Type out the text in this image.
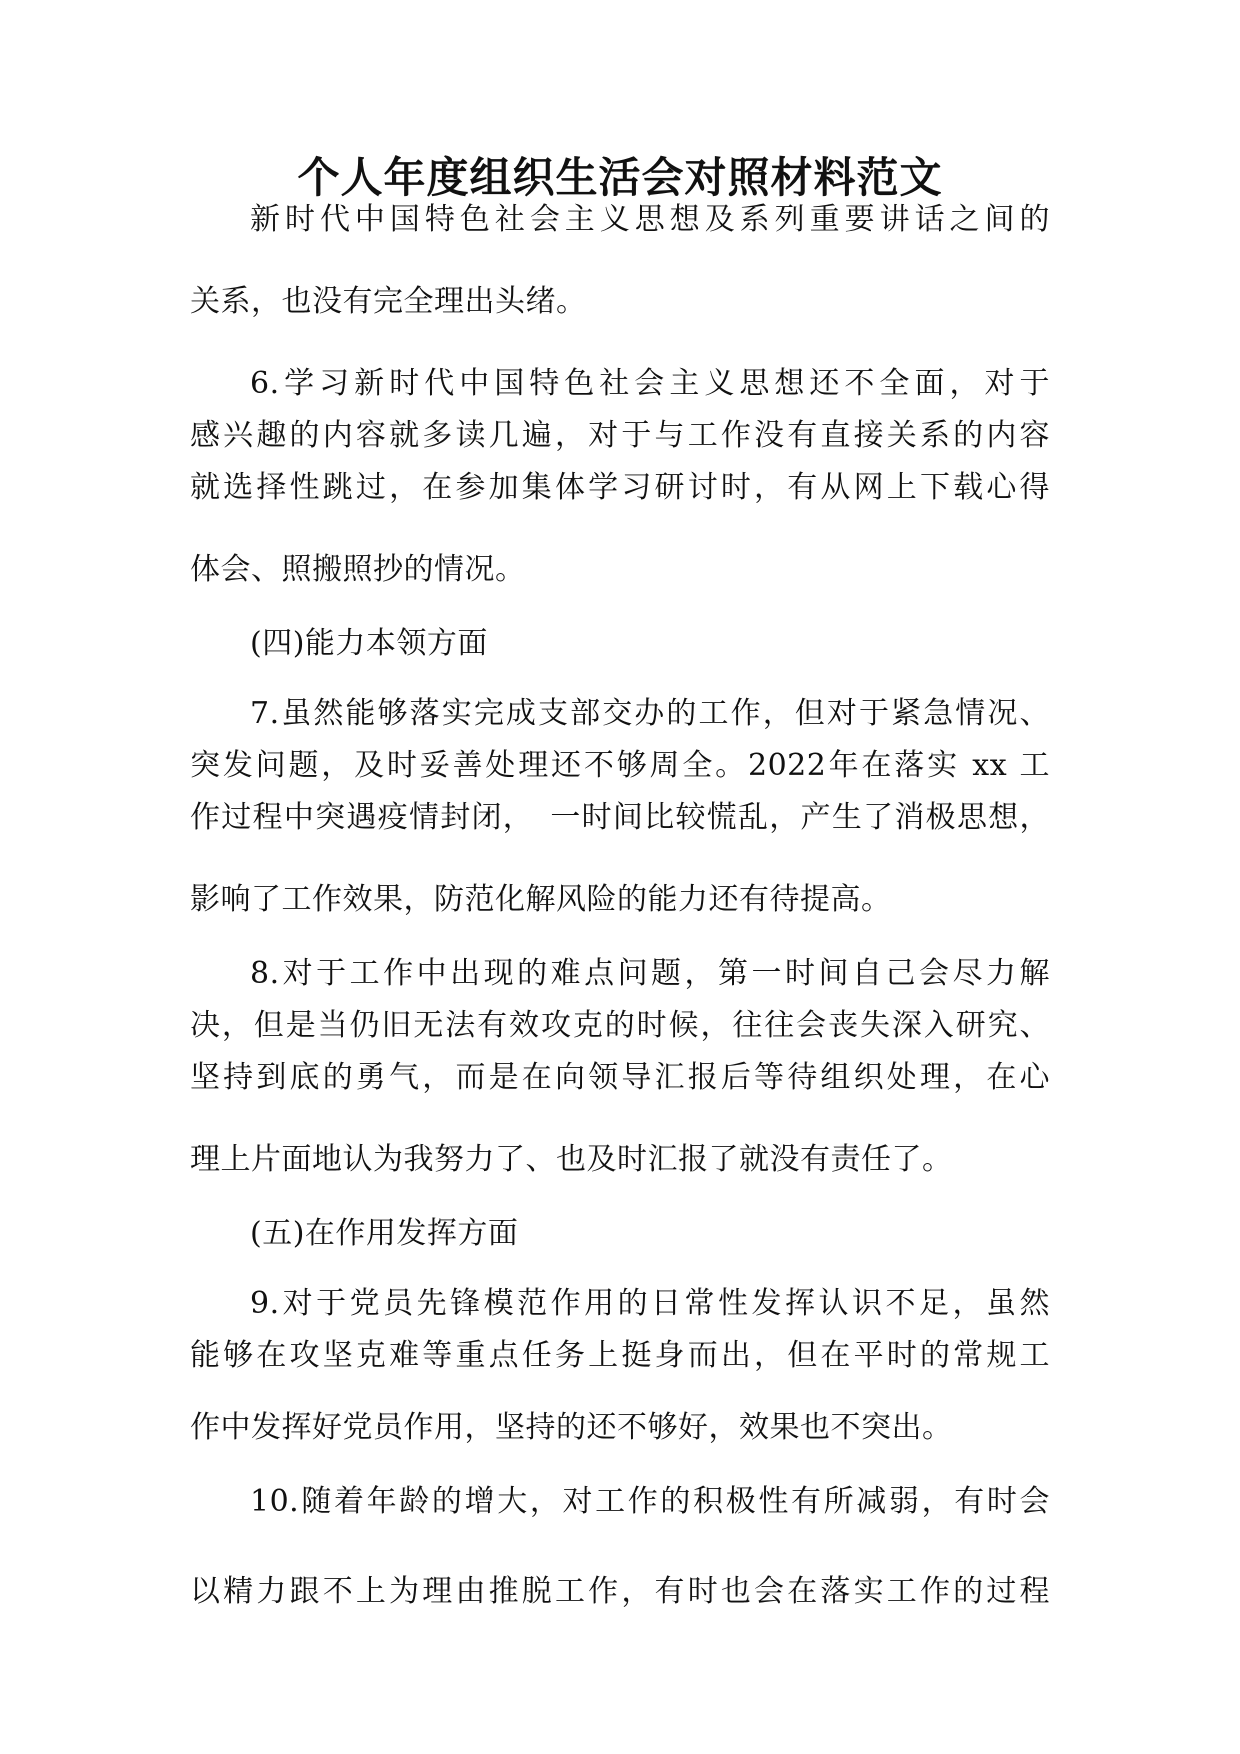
个人年度组织生活会对照材料范文
新时代中国特色社会主义思想及系列重要讲话之间的
关系，也没有完全理出头绪。
6.学习新时代中国特色社会主义思想还不全面，对于
感兴趣的内容就多读几遍，对于与工作没有直接关系的内容
就选择性跳过，在参加集体学习研讨时，有从网上下载心得
体会、照搬照抄的情况。
(四)能力本领方面
7.虽然能够落实完成支部交办的工作，但对于紧急情况、
突发问题，及时妥善处理还不够周全。2022年在落实 xx 工
作过程中突遇疫情封闭，　一时间比较慌乱，产生了消极思想，
影响了工作效果，防范化解风险的能力还有待提高。
8.对于工作中出现的难点问题，第一时间自己会尽力解
决，但是当仍旧无法有效攻克的时候，往往会丧失深入研究、
坚持到底的勇气，而是在向领导汇报后等待组织处理，在心
理上片面地认为我努力了、也及时汇报了就没有责任了。
(五)在作用发挥方面
9.对于党员先锋模范作用的日常性发挥认识不足，虽然
能够在攻坚克难等重点任务上挺身而出，但在平时的常规工
作中发挥好党员作用，坚持的还不够好，效果也不突出。
10.随着年龄的增大，对工作的积极性有所减弱，有时会
以精力跟不上为理由推脱工作，有时也会在落实工作的过程
